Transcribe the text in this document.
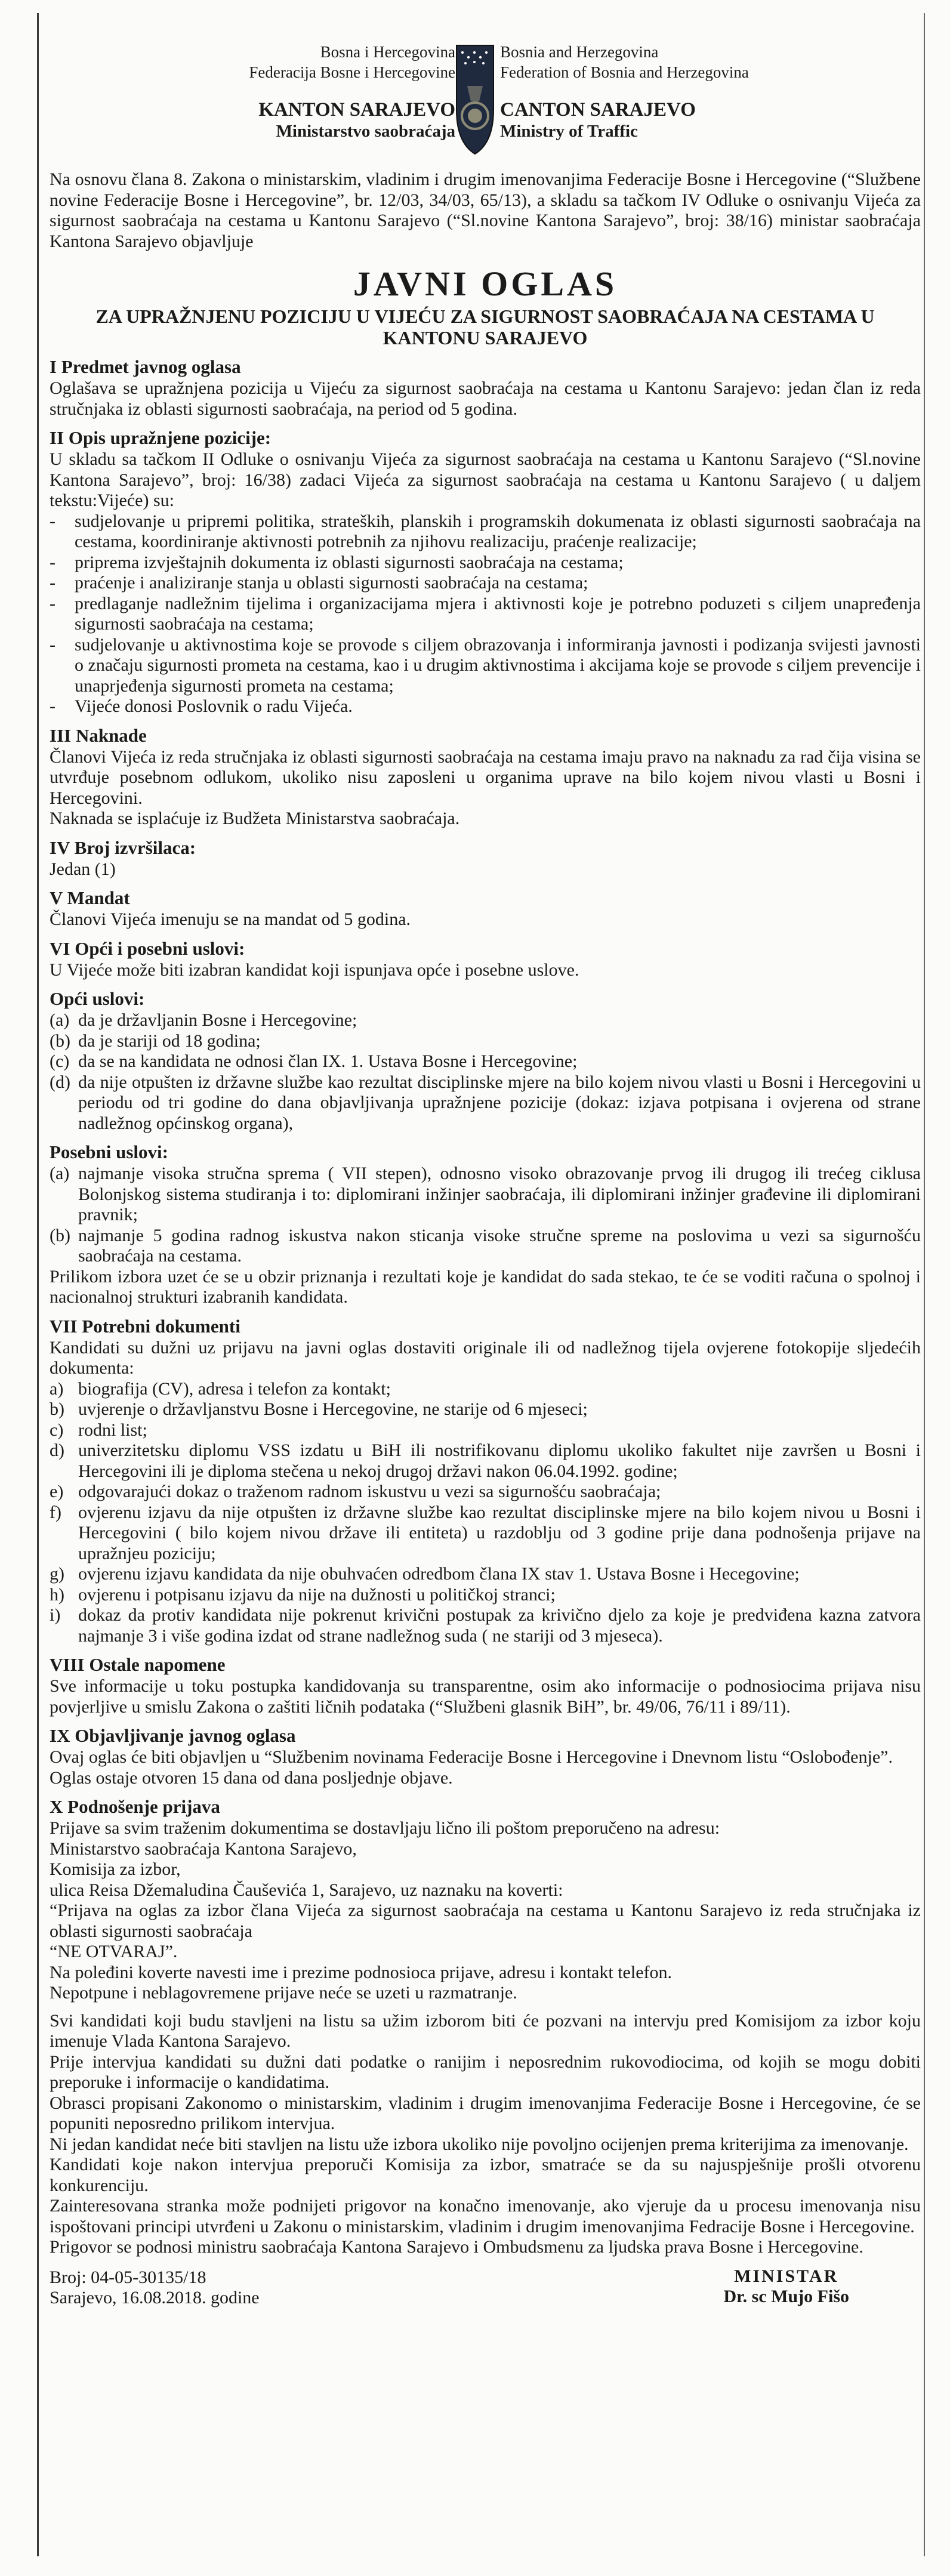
Bosna i Hercegovina
Federacija Bosne i Hercegovine
KANTON SARAJEVO
Ministarstvo saobraćaja
Bosnia and Herzegovina
Federation of Bosnia and Herzegovina
CANTON SARAJEVO
Ministry of Traffic

Na osnovu člana 8. Zakona o ministarskim, vladinim i drugim imenovanjima Federacije Bosne i Hercegovine (“Službene novine Federacije Bosne i Hercegovine”, br. 12/03, 34/03, 65/13), a skladu sa tačkom IV Odluke o osnivanju Vijeća za sigurnost saobraćaja na cestama u Kantonu Sarajevo (“Sl.novine Kantona Sarajevo”, broj: 38/16) ministar saobraćaja Kantona Sarajevo objavljuje

JAVNI OGLAS
ZA UPRAŽNJENU POZICIJU U VIJEĆU ZA SIGURNOST SAOBRAĆAJA NA CESTAMA U KANTONU SARAJEVO
I Predmet javnog oglasa

Oglašava se upražnjena pozicija u Vijeću za sigurnost saobraćaja na cestama u Kantonu Sarajevo: jedan član iz reda stručnjaka iz oblasti sigurnosti saobraćaja, na period od 5 godina.

II Opis upražnjene pozicije:

U skladu sa tačkom II Odluke o osnivanju Vijeća za sigurnost saobraćaja na cestama u Kantonu Sarajevo (“Sl.novine Kantona Sarajevo”, broj: 16/38) zadaci Vijeća za sigurnost saobraćaja na cestama u Kantonu Sarajevo ( u daljem tekstu:Vijeće) su:

-	sudjelovanje u pripremi politika, strateških, planskih i programskih dokumenata iz oblasti sigurnosti saobraćaja na cestama, koordiniranje aktivnosti potrebnih za njihovu realizaciju, praćenje realizacije;
-	priprema izvještajnih dokumenta iz oblasti sigurnosti saobraćaja na cestama;
-	praćenje i analiziranje stanja u oblasti sigurnosti saobraćaja na cestama;
-	predlaganje nadležnim tijelima i organizacijama mjera i aktivnosti koje je potrebno poduzeti s ciljem unapređenja sigurnosti saobraćaja na cestama;
-	sudjelovanje u aktivnostima koje se provode s ciljem obrazovanja i informiranja javnosti i podizanja svijesti javnosti o značaju sigurnosti prometa na cestama, kao i u drugim aktivnostima i akcijama koje se provode s ciljem prevencije i unaprjeđenja sigurnosti prometa na cestama;
-	Vijeće donosi Poslovnik o radu Vijeća.
III Naknade

Članovi Vijeća iz reda stručnjaka iz oblasti sigurnosti saobraćaja na cestama imaju pravo na naknadu za rad čija visina se utvrđuje posebnom odlukom, ukoliko nisu zaposleni u organima uprave na bilo kojem nivou vlasti u Bosni i Hercegovini.

Naknada se isplaćuje iz Budžeta Ministarstva saobraćaja.

IV Broj izvršilaca:

Jedan (1)

V Mandat

Članovi Vijeća imenuju se na mandat od 5 godina.

VI Opći i posebni uslovi:

U Vijeće može biti izabran kandidat koji ispunjava opće i posebne uslove.

Opći uslovi:
(a) da je državljanin Bosne i Hercegovine;
(b) da je stariji od 18 godina;
(c) da se na kandidata ne odnosi član IX. 1. Ustava Bosne i Hercegovine;
(d) da nije otpušten iz državne službe kao rezultat disciplinske mjere na bilo kojem nivou vlasti u Bosni i Hercegovini u periodu od tri godine do dana objavljivanja upražnjene pozicije (dokaz: izjava potpisana i ovjerena od strane nadležnog općinskog organa),
Posebni uslovi:
(a) najmanje visoka stručna sprema ( VII stepen), odnosno visoko obrazovanje prvog ili drugog ili trećeg ciklusa Bolonjskog sistema studiranja i to: diplomirani inžinjer saobraćaja, ili diplomirani inžinjer građevine ili diplomirani pravnik;
(b) najmanje 5 godina radnog iskustva nakon sticanja visoke stručne spreme na poslovima u vezi sa sigurnošću saobraćaja na cestama.

Prilikom izbora uzet će se u obzir priznanja i rezultati koje je kandidat do sada stekao, te će se voditi računa o spolnoj i nacionalnoj strukturi izabranih kandidata.

VII Potrebni dokumenti

Kandidati su dužni uz prijavu na javni oglas dostaviti originale ili od nadležnog tijela ovjerene fotokopije sljedećih dokumenta:

a) biografija (CV), adresa i telefon za kontakt;
b) uvjerenje o državljanstvu Bosne i Hercegovine, ne starije od 6 mjeseci;
c) rodni list;
d) univerzitetsku diplomu VSS izdatu u BiH ili nostrifikovanu diplomu ukoliko fakultet nije završen u Bosni i Hercegovini ili je diploma stečena u nekoj drugoj državi nakon 06.04.1992. godine;
e) odgovarajući dokaz o traženom radnom iskustvu u vezi sa sigurnošću saobraćaja;
f) ovjerenu izjavu da nije otpušten iz državne službe kao rezultat disciplinske mjere na bilo kojem nivou u Bosni i Hercegovini ( bilo kojem nivou države ili entiteta) u razdoblju od 3 godine prije dana podnošenja prijave na upražnjeu poziciju;
g) ovjerenu izjavu kandidata da nije obuhvaćen odredbom člana IX stav 1. Ustava Bosne i Hecegovine;
h) ovjerenu i potpisanu izjavu da nije na dužnosti u političkoj stranci;
i) dokaz da protiv kandidata nije pokrenut krivični postupak za krivično djelo za koje je predviđena kazna zatvora najmanje 3 i više godina izdat od strane nadležnog suda ( ne stariji od 3 mjeseca).
VIII Ostale napomene

Sve informacije u toku postupka kandidovanja su transparentne, osim ako informacije o podnosiocima prijava nisu povjerljive u smislu Zakona o zaštiti ličnih podataka (“Službeni glasnik BiH”, br. 49/06, 76/11 i 89/11).

IX Objavljivanje javnog oglasa

Ovaj oglas će biti objavljen u “Službenim novinama Federacije Bosne i Hercegovine i Dnevnom listu “Oslobođenje”.

Oglas ostaje otvoren 15 dana od dana posljednje objave.

X Podnošenje prijava

Prijave sa svim traženim dokumentima se dostavljaju lično ili poštom preporučeno na adresu:

Ministarstvo saobraćaja Kantona Sarajevo,

Komisija za izbor,

ulica Reisa Džemaludina Čauševića 1, Sarajevo, uz naznaku na koverti:

“Prijava na oglas za izbor člana Vijeća za sigurnost saobraćaja na cestama u Kantonu Sarajevo iz reda stručnjaka iz oblasti sigurnosti saobraćaja

“NE OTVARAJ”.

Na poleđini koverte navesti ime i prezime podnosioca prijave, adresu i kontakt telefon.

Nepotpune i neblagovremene prijave neće se uzeti u razmatranje.

Svi kandidati koji budu stavljeni na listu sa užim izborom biti će pozvani na intervju pred Komisijom za izbor koju imenuje Vlada Kantona Sarajevo.

Prije intervjua kandidati su dužni dati podatke o ranijim i neposrednim rukovodiocima, od kojih se mogu dobiti preporuke i informacije o kandidatima.

Obrasci propisani Zakonomo o ministarskim, vladinim i drugim imenovanjima Federacije Bosne i Hercegovine, će se popuniti neposredno prilikom intervjua.

Ni jedan kandidat neće biti stavljen na listu uže izbora ukoliko nije povoljno ocijenjen prema kriterijima za imenovanje.

Kandidati koje nakon intervjua preporuči Komisija za izbor, smatraće se da su najuspješnije prošli otvorenu konkurenciju.

Zainteresovana stranka može podnijeti prigovor na konačno imenovanje, ako vjeruje da u procesu imenovanja nisu ispoštovani principi utvrđeni u Zakonu o ministarskim, vladinim i drugim imenovanjima Fedracije Bosne i Hercegovine.

Prigovor se podnosi ministru saobraćaja Kantona Sarajevo i Ombudsmenu za ljudska prava Bosne i Hercegovine.

Broj: 04-05-30135/18
Sarajevo, 16.08.2018. godine
MINISTAR
Dr. sc Mujo Fišo
